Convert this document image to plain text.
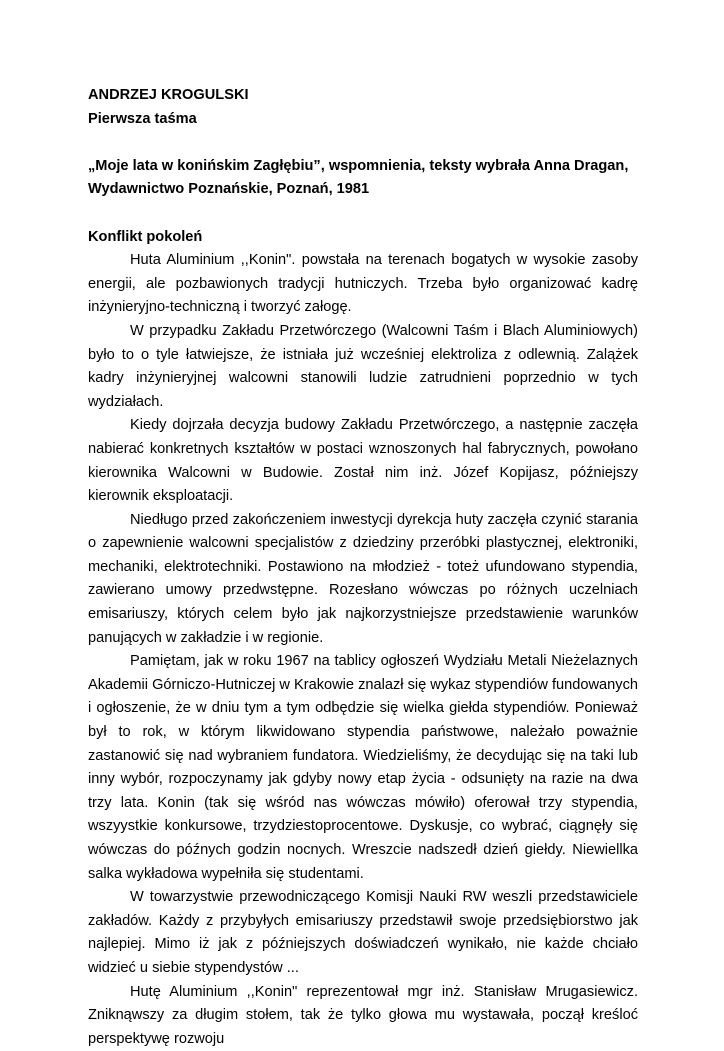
ANDRZEJ KROGULSKI
Pierwsza taśma
„Moje lata w konińskim Zagłębiu”, wspomnienia, teksty wybrała Anna Dragan,
Wydawnictwo Poznańskie, Poznań, 1981
Konflikt pokoleń

Huta Aluminium ,,Konin". powstała na terenach bogatych w wysokie zasoby energii, ale pozbawionych tradycji hutniczych. Trzeba było organizować kadrę inżynieryjno-techniczną i tworzyć załogę.

W przypadku Zakładu Przetwórczego (Walcowni Taśm i Blach Aluminiowych) było to o tyle łatwiejsze, że istniała już wcześniej elektroliza z odlewnią. Zalążek kadry inżynieryjnej walcowni stanowili ludzie zatrudnieni poprzednio w tych wydziałach.

Kiedy dojrzała decyzja budowy Zakładu Przetwórczego, a następnie zaczęła nabierać konkretnych kształtów w postaci wznoszonych hal fabrycznych, powołano kierownika Walcowni w Budowie. Został nim inż. Józef Kopijasz, późniejszy kierownik eksploatacji.

Niedługo przed zakończeniem inwestycji dyrekcja huty zaczęła czynić starania o zapewnienie walcowni specjalistów z dziedziny przeróbki plastycznej, elektroniki, mechaniki, elektrotechniki. Postawiono na młodzież - toteż ufundowano stypendia, zawierano umowy przedwstępne. Rozesłano wówczas po różnych uczelniach emisariuszy, których celem było jak najkorzystniejsze przedstawienie warunków panujących w zakładzie i w regionie.

Pamiętam, jak w roku 1967 na tablicy ogłoszeń Wydziału Metali Nieżelaznych Akademii Górniczo-Hutniczej w Krakowie znalazł się wykaz stypendiów fundowanych i ogłoszenie, że w dniu tym a tym odbędzie się wielka giełda stypendiów. Ponieważ był to rok, w którym likwidowano stypendia państwowe, należało poważnie zastanowić się nad wybraniem fundatora. Wiedzieliśmy, że decydując się na taki lub inny wybór, rozpoczynamy jak gdyby nowy etap życia - odsunięty na razie na dwa trzy lata. Konin (tak się wśród nas wówczas mówiło) oferował trzy stypendia, wszyystkie konkursowe, trzydziestoprocentowe. Dyskusje, co wybrać, ciągnęły się wówczas do późnych godzin nocnych. Wreszcie nadszedł dzień giełdy. Niewiellka salka wykładowa wypełniła się studentami.

W towarzystwie przewodniczącego Komisji Nauki RW weszli przedstawiciele zakładów. Każdy z przybyłych emisariuszy przedstawił swoje przedsiębiorstwo jak najlepiej. Mimo iż jak z późniejszych doświadczeń wynikało, nie każde chciało widzieć u siebie stypendystów ...

Hutę Aluminium ,,Konin" reprezentował mgr inż. Stanisław Mrugasiewicz. Zniknąwszy za długim stołem, tak że tylko głowa mu wystawała, począł kreśloć perspektywę rozwoju
